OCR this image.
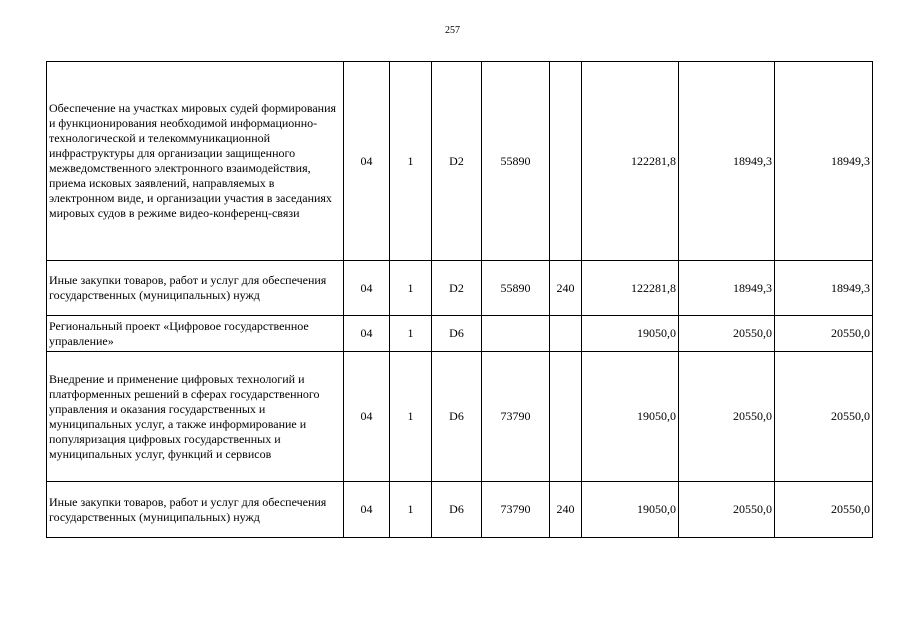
257
Обеспечение на участках мировых судей формирования и функционирования необходимой информационно-технологической и телекоммуникационной инфраструктуры для организации защищенного межведомственного электронного взаимодействия, приема исковых заявлений, направляемых в электронном виде, и организации участия в заседаниях мировых судов в режиме видео-конференц-связи	04	1	D2	55890		122281,8	18949,3	18949,3
Иные закупки товаров, работ и услуг для обеспечения государственных (муниципальных) нужд	04	1	D2	55890	240	122281,8	18949,3	18949,3
Региональный проект «Цифровое государственное управление»	04	1	D6			19050,0	20550,0	20550,0
Внедрение и применение цифровых технологий и платформенных решений в сферах государственного управления и оказания государственных и муниципальных услуг, а также информирование и популяризация цифровых государственных и муниципальных услуг, функций и сервисов	04	1	D6	73790		19050,0	20550,0	20550,0
Иные закупки товаров, работ и услуг для обеспечения государственных (муниципальных) нужд	04	1	D6	73790	240	19050,0	20550,0	20550,0
